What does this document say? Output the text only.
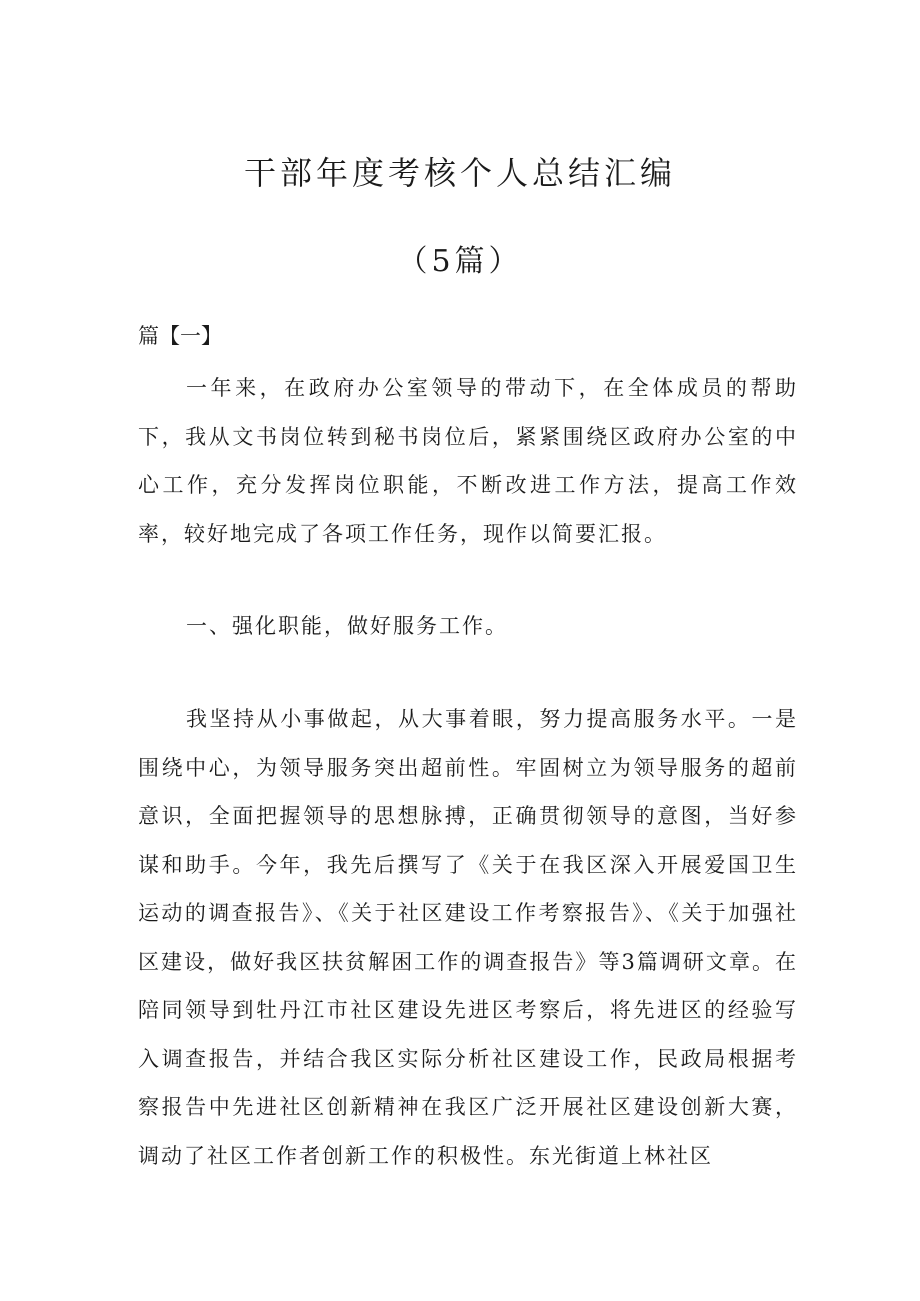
干部年度考核个人总结汇编
（5篇）
篇【一】

一年来，在政府办公室领导的带动下，在全体成员的帮助下，我从文书岗位转到秘书岗位后，紧紧围绕区政府办公室的中心工作，充分发挥岗位职能，不断改进工作方法，提高工作效率，较好地完成了各项工作任务，现作以简要汇报。

一、强化职能，做好服务工作。

我坚持从小事做起，从大事着眼，努力提高服务水平。一是围绕中心，为领导服务突出超前性。牢固树立为领导服务的超前意识，全面把握领导的思想脉搏，正确贯彻领导的意图，当好参谋和助手。今年，我先后撰写了《关于在我区深入开展爱国卫生运动的调查报告》、《关于社区建设工作考察报告》、《关于加强社区建设，做好我区扶贫解困工作的调查报告》等3篇调研文章。在陪同领导到牡丹江市社区建设先进区考察后，将先进区的经验写入调查报告，并结合我区实际分析社区建设工作，民政局根据考察报告中先进社区创新精神在我区广泛开展社区建设创新大赛，调动了社区工作者创新工作的积极性。东光街道上林社区
